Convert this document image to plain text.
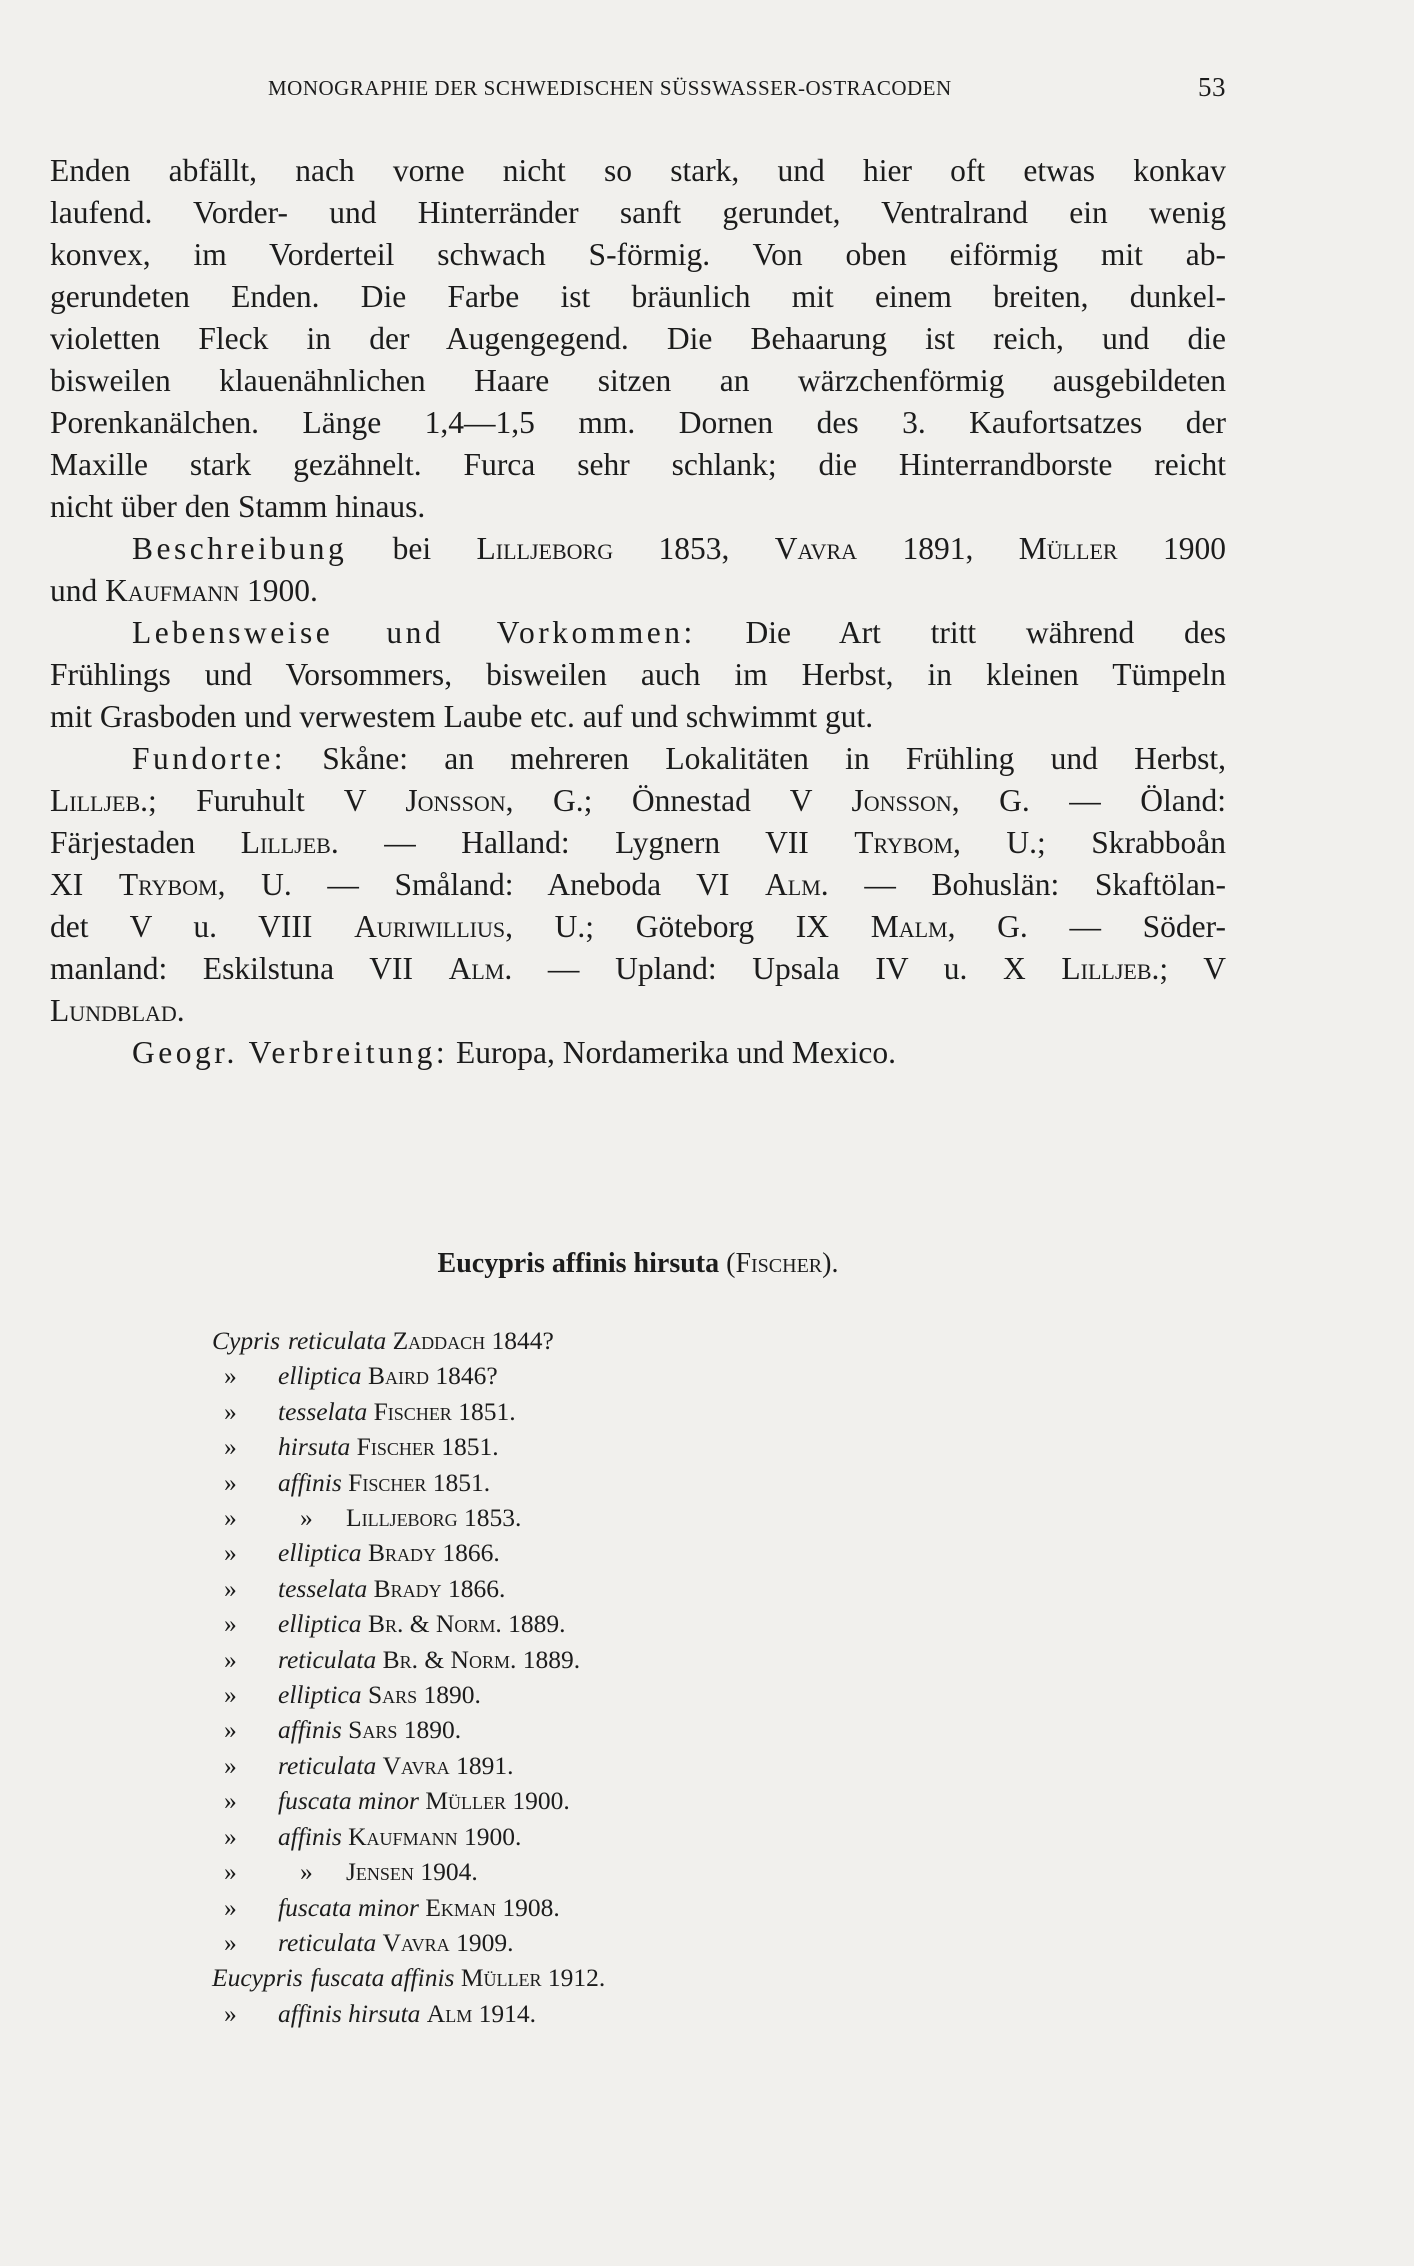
MONOGRAPHIE DER SCHWEDISCHEN SÜSSWASSER-OSTRACODEN	53

Enden abfällt, nach vorne nicht so stark, und hier oft etwas konkav

laufend. Vorder- und Hinterränder sanft gerundet, Ventralrand ein wenig

konvex, im Vorderteil schwach S-förmig. Von oben eiförmig mit ab-

gerundeten Enden. Die Farbe ist bräunlich mit einem breiten, dunkel-

violetten Fleck in der Augengegend. Die Behaarung ist reich, und die

bisweilen klauenähnlichen Haare sitzen an wärzchenförmig ausgebildeten

Porenkanälchen. Länge 1,4—1,5 mm. Dornen des 3. Kaufortsatzes der

Maxille stark gezähnelt. Furca sehr schlank; die Hinterrandborste reicht

nicht über den Stamm hinaus.

Beschreibung bei Lilljeborg 1853, Vavra 1891, Müller 1900

und Kaufmann 1900.

Lebensweise und Vorkommen: Die Art tritt während des

Frühlings und Vorsommers, bisweilen auch im Herbst, in kleinen Tümpeln

mit Grasboden und verwestem Laube etc. auf und schwimmt gut.

Fundorte: Skåne: an mehreren Lokalitäten in Frühling und Herbst,

Lilljeb.; Furuhult V Jonsson, G.; Önnestad V Jonsson, G. — Öland:

Färjestaden Lilljeb. — Halland: Lygnern VII Trybom, U.; Skrabboån

XI Trybom, U. — Småland: Aneboda VI Alm. — Bohuslän: Skaftölan-

det V u. VIII Auriwillius, U.; Göteborg IX Malm, G. — Söder-

manland: Eskilstuna VII Alm. — Upland: Upsala IV u. X Lilljeb.; V

Lundblad.

Geogr. Verbreitung: Europa, Nordamerika und Mexico.

Eucypris affinis hirsuta (Fischer).
Cypris reticulata Zaddach 1844?
» elliptica Baird 1846?
» tesselata Fischer 1851.
» hirsuta Fischer 1851.
» affinis Fischer 1851.
» » Lilljeborg 1853.
» elliptica Brady 1866.
» tesselata Brady 1866.
» elliptica Br. & Norm. 1889.
» reticulata Br. & Norm. 1889.
» elliptica Sars 1890.
» affinis Sars 1890.
» reticulata Vavra 1891.
» fuscata minor Müller 1900.
» affinis Kaufmann 1900.
» » Jensen 1904.
» fuscata minor Ekman 1908.
» reticulata Vavra 1909.
Eucypris fuscata affinis Müller 1912.
» affinis hirsuta Alm 1914.
